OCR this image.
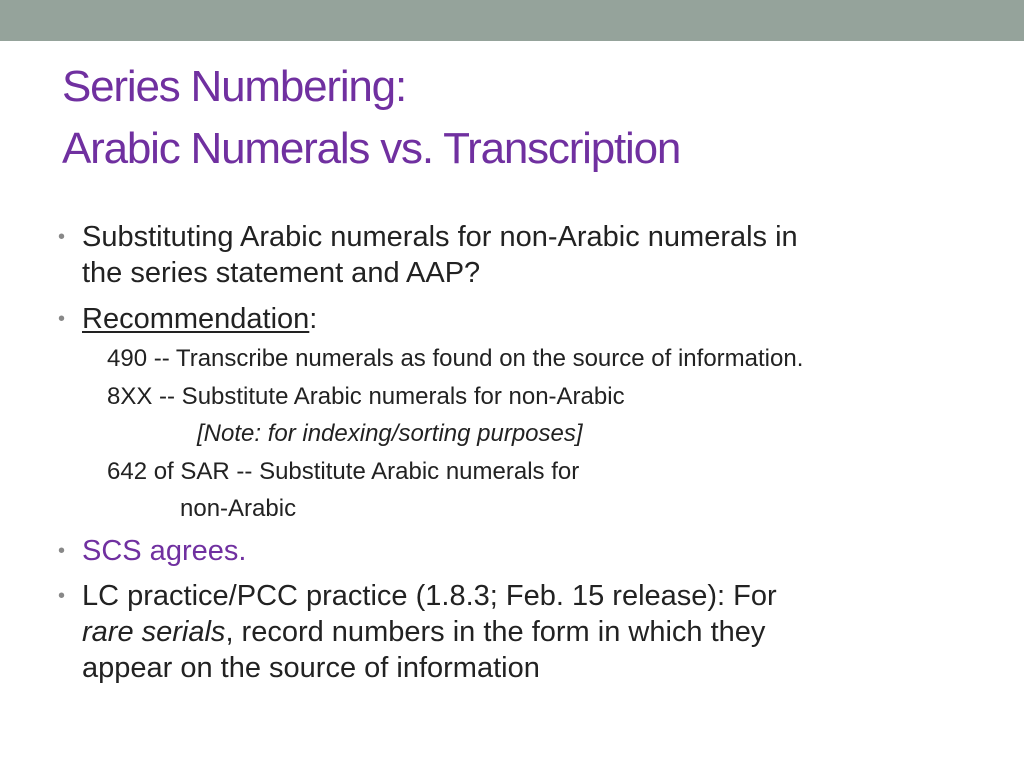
Series Numbering:
Arabic Numerals vs. Transcription
• Substituting Arabic numerals for non-Arabic numerals in
the series statement and AAP?
• Recommendation:
490 -- Transcribe numerals as found on the source of information.
8XX -- Substitute Arabic numerals for non-Arabic
[Note: for indexing/sorting purposes]
642 of SAR -- Substitute Arabic numerals for
non-Arabic
• SCS agrees.
• LC practice/PCC practice (1.8.3; Feb. 15 release): For
rare serials, record numbers in the form in which they
appear on the source of information
